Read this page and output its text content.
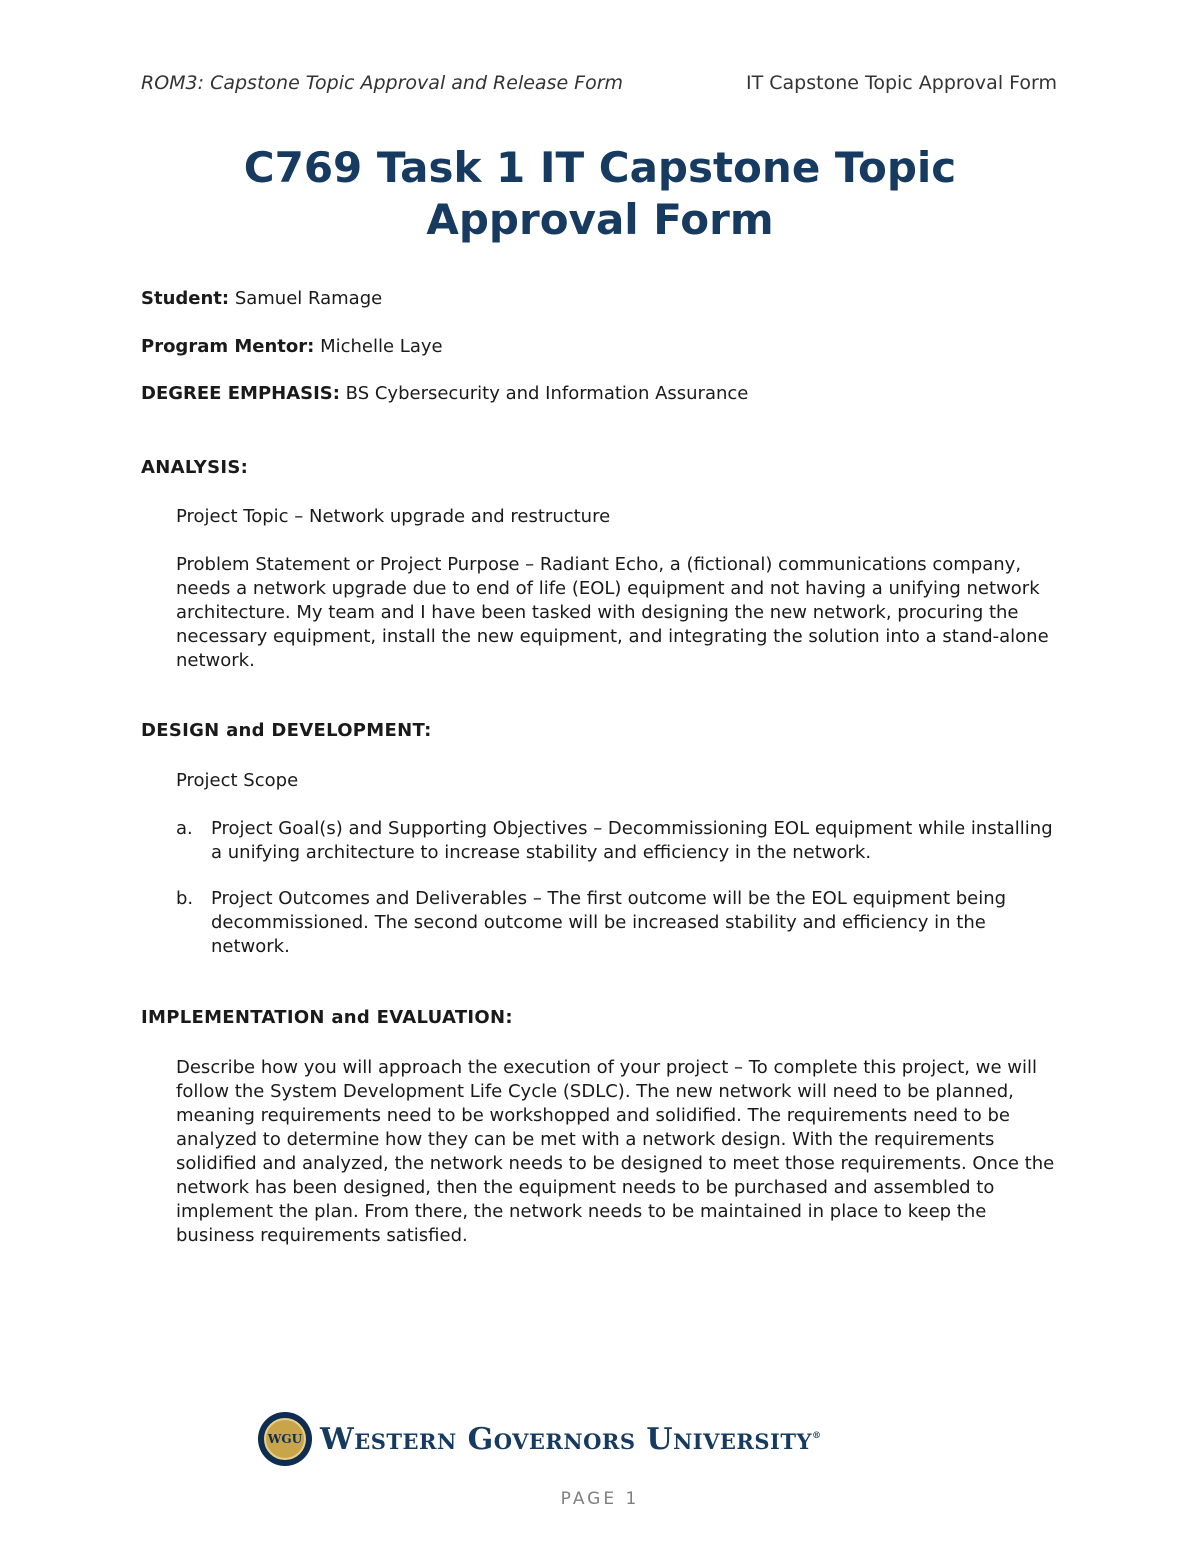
ROM3: Capstone Topic Approval and Release Form	IT Capstone Topic Approval Form
C769 Task 1 IT Capstone Topic
Approval Form
Student: Samuel Ramage
Program Mentor: Michelle Laye
DEGREE EMPHASIS: BS Cybersecurity and Information Assurance
ANALYSIS:

Project Topic – Network upgrade and restructure

Problem Statement or Project Purpose – Radiant Echo, a (fictional) communications company, needs a network upgrade due to end of life (EOL) equipment and not having a unifying network architecture. My team and I have been tasked with designing the new network, procuring the necessary equipment, install the new equipment, and integrating the solution into a stand-alone network.

DESIGN and DEVELOPMENT:

Project Scope

a. Project Goal(s) and Supporting Objectives – Decommissioning EOL equipment while installing a unifying architecture to increase stability and efficiency in the network.
b. Project Outcomes and Deliverables – The first outcome will be the EOL equipment being decommissioned. The second outcome will be increased stability and efficiency in the network.
IMPLEMENTATION and EVALUATION:

Describe how you will approach the execution of your project – To complete this project, we will follow the System Development Life Cycle (SDLC). The new network will need to be planned, meaning requirements need to be workshopped and solidified. The requirements need to be analyzed to determine how they can be met with a network design. With the requirements solidified and analyzed, the network needs to be designed to meet those requirements. Once the network has been designed, then the equipment needs to be purchased and assembled to implement the plan. From there, the network needs to be maintained in place to keep the business requirements satisfied.

WGU Western Governors University®
PAGE 1
